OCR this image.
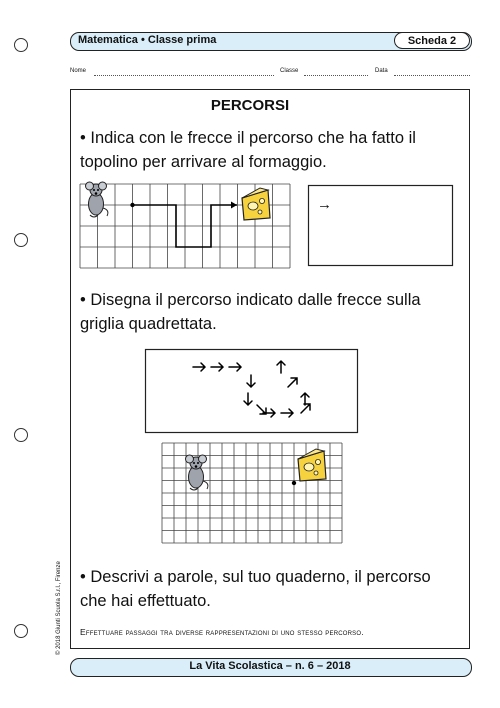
Matematica • Classe prima	Scheda 2
Nome	Classe	Data
PERCORSI
• Indica con le frecce il percorso che ha fatto il topolino per arrivare al formaggio.
→
• Disegna il percorso indicato dalle frecce sulla griglia quadrettata.
• Descrivi a parole, sul tuo quaderno, il percorso che hai effettuato.
Effettuare passaggi tra diverse rappresentazioni di uno stesso percorso.
La Vita Scolastica – n. 6 – 2018
© 2018 Giunti Scuola S.r.l., Firenze
